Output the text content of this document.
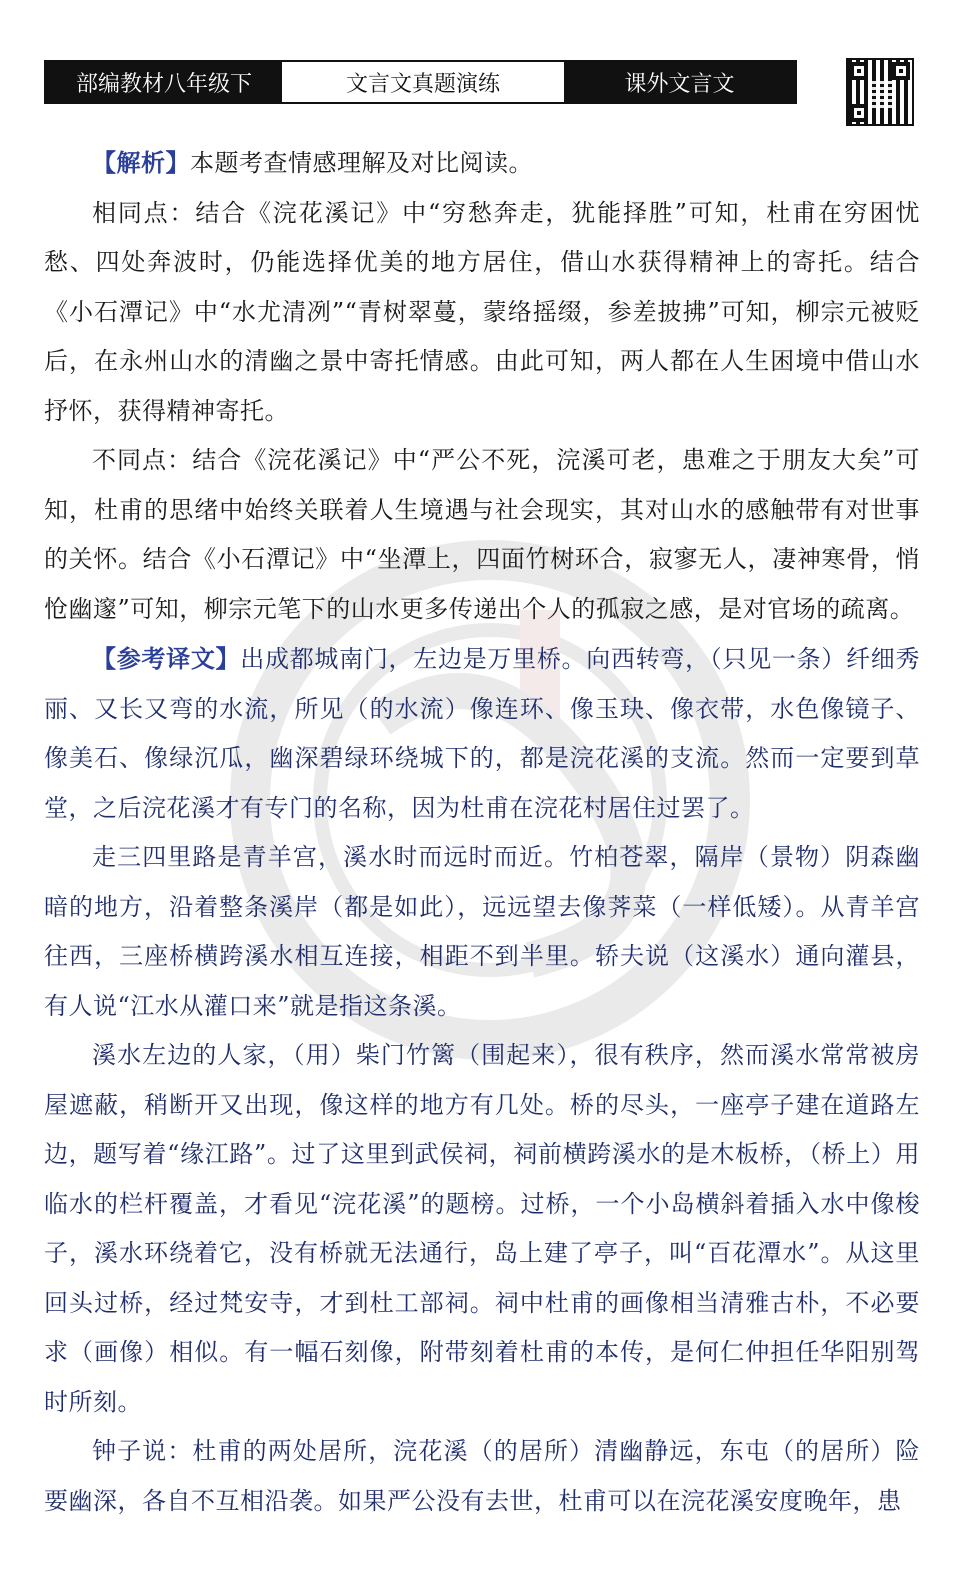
部编教材八年级下	文言文真题演练	课外文言文

【解析】本题考查情感理解及对比阅读。

相同点：结合《浣花溪记》中“穷愁奔走，犹能择胜”可知，杜甫在穷困忧愁、四处奔波时，仍能选择优美的地方居住，借山水获得精神上的寄托。结合《小石潭记》中“水尤清冽”“青树翠蔓，蒙络摇缀，参差披拂”可知，柳宗元被贬后，在永州山水的清幽之景中寄托情感。由此可知，两人都在人生困境中借山水抒怀，获得精神寄托。

不同点：结合《浣花溪记》中“严公不死，浣溪可老，患难之于朋友大矣”可知，杜甫的思绪中始终关联着人生境遇与社会现实，其对山水的感触带有对世事的关怀。结合《小石潭记》中“坐潭上，四面竹树环合，寂寥无人，凄神寒骨，悄怆幽邃”可知，柳宗元笔下的山水更多传递出个人的孤寂之感，是对官场的疏离。

【参考译文】出成都城南门，左边是万里桥。向西转弯，（只见一条）纤细秀丽、又长又弯的水流，所见（的水流）像连环、像玉玦、像衣带，水色像镜子、像美石、像绿沉瓜，幽深碧绿环绕城下的，都是浣花溪的支流。然而一定要到草堂，之后浣花溪才有专门的名称，因为杜甫在浣花村居住过罢了。

走三四里路是青羊宫，溪水时而远时而近。竹柏苍翠，隔岸（景物）阴森幽暗的地方，沿着整条溪岸（都是如此），远远望去像荠菜（一样低矮）。从青羊宫往西，三座桥横跨溪水相互连接，相距不到半里。轿夫说（这溪水）通向灌县，有人说“江水从灌口来”就是指这条溪。

溪水左边的人家，（用）柴门竹篱（围起来），很有秩序，然而溪水常常被房屋遮蔽，稍断开又出现，像这样的地方有几处。桥的尽头，一座亭子建在道路左边，题写着“缘江路”。过了这里到武侯祠，祠前横跨溪水的是木板桥，（桥上）用临水的栏杆覆盖，才看见“浣花溪”的题榜。过桥，一个小岛横斜着插入水中像梭子，溪水环绕着它，没有桥就无法通行，岛上建了亭子，叫“百花潭水”。从这里回头过桥，经过梵安寺，才到杜工部祠。祠中杜甫的画像相当清雅古朴，不必要求（画像）相似。有一幅石刻像，附带刻着杜甫的本传，是何仁仲担任华阳别驾时所刻。

钟子说：杜甫的两处居所，浣花溪（的居所）清幽静远，东屯（的居所）险要幽深，各自不互相沿袭。如果严公没有去世，杜甫可以在浣花溪安度晚年，患
